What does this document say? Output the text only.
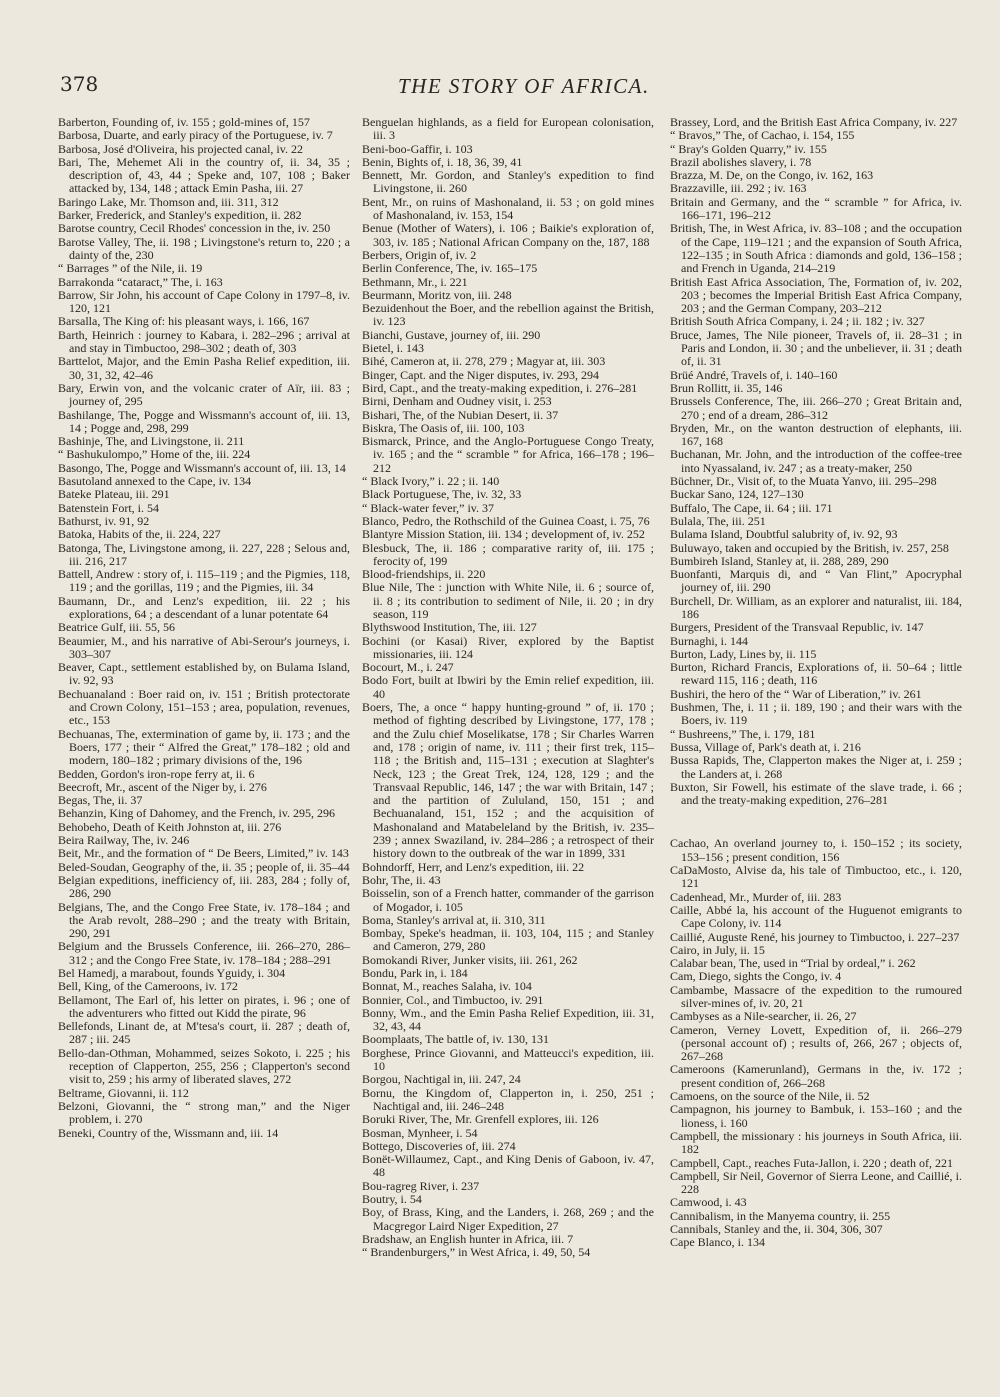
378	THE STORY OF AFRICA.

Barberton, Founding of, iv. 155 ; gold-mines of, 157

Barbosa, Duarte, and early piracy of the Portuguese, iv. 7

Barbosa, José d'Oliveira, his projected canal, iv. 22

Bari, The, Mehemet Ali in the country of, ii. 34, 35 ; description of, 43, 44 ; Speke and, 107, 108 ; Baker attacked by, 134, 148 ; attack Emin Pasha, iii. 27

Baringo Lake, Mr. Thomson and, iii. 311, 312

Barker, Frederick, and Stanley's expedition, ii. 282

Barotse country, Cecil Rhodes' concession in the, iv. 250

Barotse Valley, The, ii. 198 ; Livingstone's return to, 220 ; a dainty of the, 230

“ Barrages ” of the Nile, ii. 19

Barrakonda “cataract,” The, i. 163

Barrow, Sir John, his account of Cape Colony in 1797–8, iv. 120, 121

Barsalla, The King of: his pleasant ways, i. 166, 167

Barth, Heinrich : journey to Kabara, i. 282–296 ; arrival at and stay in Timbuctoo, 298–302 ; death of, 303

Barttelot, Major, and the Emin Pasha Relief expedition, iii. 30, 31, 32, 42–46

Bary, Erwin von, and the volcanic crater of Aïr, iii. 83 ; journey of, 295

Bashilange, The, Pogge and Wissmann's account of, iii. 13, 14 ; Pogge and, 298, 299

Bashinje, The, and Livingstone, ii. 211

“ Bashukulompo,” Home of the, iii. 224

Basongo, The, Pogge and Wissmann's account of, iii. 13, 14

Basutoland annexed to the Cape, iv. 134

Bateke Plateau, iii. 291

Batenstein Fort, i. 54

Bathurst, iv. 91, 92

Batoka, Habits of the, ii. 224, 227

Batonga, The, Livingstone among, ii. 227, 228 ; Selous and, iii. 216, 217

Battell, Andrew : story of, i. 115–119 ; and the Pigmies, 118, 119 ; and the gorillas, 119 ; and the Pigmies, iii. 34

Baumann, Dr., and Lenz's expedition, iii. 22 ; his explorations, 64 ; a descendant of a lunar potentate 64

Beatrice Gulf, iii. 55, 56

Beaumier, M., and his narrative of Abi-Serour's journeys, i. 303–307

Beaver, Capt., settlement established by, on Bulama Island, iv. 92, 93

Bechuanaland : Boer raid on, iv. 151 ; British protectorate and Crown Colony, 151–153 ; area, population, revenues, etc., 153

Bechuanas, The, extermination of game by, ii. 173 ; and the Boers, 177 ; their “ Alfred the Great,” 178–182 ; old and modern, 180–182 ; primary divisions of the, 196

Bedden, Gordon's iron-rope ferry at, ii. 6

Beecroft, Mr., ascent of the Niger by, i. 276

Begas, The, ii. 37

Behanzin, King of Dahomey, and the French, iv. 295, 296

Behobeho, Death of Keith Johnston at, iii. 276

Beira Railway, The, iv. 246

Beit, Mr., and the formation of “ De Beers, Limited,” iv. 143

Beled-Soudan, Geography of the, ii. 35 ; people of, ii. 35–44

Belgian expeditions, inefficiency of, iii. 283, 284 ; folly of, 286, 290

Belgians, The, and the Congo Free State, iv. 178–184 ; and the Arab revolt, 288–290 ; and the treaty with Britain, 290, 291

Belgium and the Brussels Conference, iii. 266–270, 286–312 ; and the Congo Free State, iv. 178–184 ; 288–291

Bel Hamedj, a marabout, founds Yguidy, i. 304

Bell, King, of the Cameroons, iv. 172

Bellamont, The Earl of, his letter on pirates, i. 96 ; one of the adventurers who fitted out Kidd the pirate, 96

Bellefonds, Linant de, at M'tesa's court, ii. 287 ; death of, 287 ; iii. 245

Bello-dan-Othman, Mohammed, seizes Sokoto, i. 225 ; his reception of Clapperton, 255, 256 ; Clapperton's second visit to, 259 ; his army of liberated slaves, 272

Beltrame, Giovanni, ii. 112

Belzoni, Giovanni, the “ strong man,” and the Niger problem, i. 270

Beneki, Country of the, Wissmann and, iii. 14

Benguelan highlands, as a field for European colonisation, iii. 3

Beni-boo-Gaffir, i. 103

Benin, Bights of, i. 18, 36, 39, 41

Bennett, Mr. Gordon, and Stanley's expedition to find Livingstone, ii. 260

Bent, Mr., on ruins of Mashonaland, ii. 53 ; on gold mines of Mashonaland, iv. 153, 154

Benue (Mother of Waters), i. 106 ; Baikie's exploration of, 303, iv. 185 ; National African Company on the, 187, 188

Berbers, Origin of, iv. 2

Berlin Conference, The, iv. 165–175

Bethmann, Mr., i. 221

Beurmann, Moritz von, iii. 248

Bezuidenhout the Boer, and the rebellion against the British, iv. 123

Bianchi, Gustave, journey of, iii. 290

Bietel, i. 143

Bihé, Cameron at, ii. 278, 279 ; Magyar at, iii. 303

Binger, Capt. and the Niger disputes, iv. 293, 294

Bird, Capt., and the treaty-making expedition, i. 276–281

Birni, Denham and Oudney visit, i. 253

Bishari, The, of the Nubian Desert, ii. 37

Biskra, The Oasis of, iii. 100, 103

Bismarck, Prince, and the Anglo-Portuguese Congo Treaty, iv. 165 ; and the “ scramble ” for Africa, 166–178 ; 196–212

“ Black Ivory,” i. 22 ; ii. 140

Black Portuguese, The, iv. 32, 33

“ Black-water fever,” iv. 37

Blanco, Pedro, the Rothschild of the Guinea Coast, i. 75, 76

Blantyre Mission Station, iii. 134 ; development of, iv. 252

Blesbuck, The, ii. 186 ; comparative rarity of, iii. 175 ; ferocity of, 199

Blood-friendships, ii. 220

Blue Nile, The : junction with White Nile, ii. 6 ; source of, ii. 8 ; its contribution to sediment of Nile, ii. 20 ; in dry season, 119

Blythswood Institution, The, iii. 127

Bochini (or Kasai) River, explored by the Baptist missionaries, iii. 124

Bocourt, M., i. 247

Bodo Fort, built at Ibwiri by the Emin relief expedition, iii. 40

Boers, The, a once “ happy hunting-ground ” of, ii. 170 ; method of fighting described by Livingstone, 177, 178 ; and the Zulu chief Moselikatse, 178 ; Sir Charles Warren and, 178 ; origin of name, iv. 111 ; their first trek, 115–118 ; the British and, 115–131 ; execution at Slaghter's Neck, 123 ; the Great Trek, 124, 128, 129 ; and the Transvaal Republic, 146, 147 ; the war with Britain, 147 ; and the partition of Zululand, 150, 151 ; and Bechuanaland, 151, 152 ; and the acquisition of Mashonaland and Matabeleland by the British, iv. 235–239 ; annex Swaziland, iv. 284–286 ; a retrospect of their history down to the outbreak of the war in 1899, 331

Bohndorff, Herr, and Lenz's expedition, iii. 22

Bohr, The, ii. 43

Boisselin, son of a French hatter, commander of the garrison of Mogador, i. 105

Boma, Stanley's arrival at, ii. 310, 311

Bombay, Speke's headman, ii. 103, 104, 115 ; and Stanley and Cameron, 279, 280

Bomokandi River, Junker visits, iii. 261, 262

Bondu, Park in, i. 184

Bonnat, M., reaches Salaha, iv. 104

Bonnier, Col., and Timbuctoo, iv. 291

Bonny, Wm., and the Emin Pasha Relief Expedition, iii. 31, 32, 43, 44

Boomplaats, The battle of, iv. 130, 131

Borghese, Prince Giovanni, and Matteucci's expedition, iii. 10

Borgou, Nachtigal in, iii. 247, 24

Bornu, the Kingdom of, Clapperton in, i. 250, 251 ; Nachtigal and, iii. 246–248

Boruki River, The, Mr. Grenfell explores, iii. 126

Bosman, Mynheer, i. 54

Bottego, Discoveries of, iii. 274

Bonët-Willaumez, Capt., and King Denis of Gaboon, iv. 47, 48

Bou-ragreg River, i. 237

Boutry, i. 54

Boy, of Brass, King, and the Landers, i. 268, 269 ; and the Macgregor Laird Niger Expedition, 27

Bradshaw, an English hunter in Africa, iii. 7

“ Brandenburgers,” in West Africa, i. 49, 50, 54

Brassey, Lord, and the British East Africa Company, iv. 227

“ Bravos,” The, of Cachao, i. 154, 155

“ Bray's Golden Quarry,” iv. 155

Brazil abolishes slavery, i. 78

Brazza, M. De, on the Congo, iv. 162, 163

Brazzaville, iii. 292 ; iv. 163

Britain and Germany, and the “ scramble ” for Africa, iv. 166–171, 196–212

British, The, in West Africa, iv. 83–108 ; and the occupation of the Cape, 119–121 ; and the expansion of South Africa, 122–135 ; in South Africa : diamonds and gold, 136–158 ; and French in Uganda, 214–219

British East Africa Association, The, Formation of, iv. 202, 203 ; becomes the Imperial British East Africa Company, 203 ; and the German Company, 203–212

British South Africa Company, i. 24 ; ii. 182 ; iv. 327

Bruce, James, The Nile pioneer, Travels of, ii. 28–31 ; in Paris and London, ii. 30 ; and the unbeliever, ii. 31 ; death of, ii. 31

Brüé André, Travels of, i. 140–160

Brun Rollitt, ii. 35, 146

Brussels Conference, The, iii. 266–270 ; Great Britain and, 270 ; end of a dream, 286–312

Bryden, Mr., on the wanton destruction of elephants, iii. 167, 168

Buchanan, Mr. John, and the introduction of the coffee-tree into Nyassaland, iv. 247 ; as a treaty-maker, 250

Büchner, Dr., Visit of, to the Muata Yanvo, iii. 295–298

Buckar Sano, 124, 127–130

Buffalo, The Cape, ii. 64 ; iii. 171

Bulala, The, iii. 251

Bulama Island, Doubtful salubrity of, iv. 92, 93

Buluwayo, taken and occupied by the British, iv. 257, 258

Bumbireh Island, Stanley at, ii. 288, 289, 290

Buonfanti, Marquis di, and “ Van Flint,” Apocryphal journey of, iii. 290

Burchell, Dr. William, as an explorer and naturalist, iii. 184, 186

Burgers, President of the Transvaal Republic, iv. 147

Burnaghi, i. 144

Burton, Lady, Lines by, ii. 115

Burton, Richard Francis, Explorations of, ii. 50–64 ; little reward 115, 116 ; death, 116

Bushiri, the hero of the “ War of Liberation,” iv. 261

Bushmen, The, i. 11 ; ii. 189, 190 ; and their wars with the Boers, iv. 119

“ Bushreens,” The, i. 179, 181

Bussa, Village of, Park's death at, i. 216

Bussa Rapids, The, Clapperton makes the Niger at, i. 259 ; the Landers at, i. 268

Buxton, Sir Fowell, his estimate of the slave trade, i. 66 ; and the treaty-making expedition, 276–281

Cachao, An overland journey to, i. 150–152 ; its society, 153–156 ; present condition, 156

CaDaMosto, Alvise da, his tale of Timbuctoo, etc., i. 120, 121

Cadenhead, Mr., Murder of, iii. 283

Caille, Abbé la, his account of the Huguenot emigrants to Cape Colony, iv. 114

Caillié, Auguste René, his journey to Timbuctoo, i. 227–237

Cairo, in July, ii. 15

Calabar bean, The, used in “Trial by ordeal,” i. 262

Cam, Diego, sights the Congo, iv. 4

Cambambe, Massacre of the expedition to the rumoured silver-mines of, iv. 20, 21

Cambyses as a Nile-searcher, ii. 26, 27

Cameron, Verney Lovett, Expedition of, ii. 266–279 (personal account of) ; results of, 266, 267 ; objects of, 267–268

Cameroons (Kamerunland), Germans in the, iv. 172 ; present condition of, 266–268

Camoens, on the source of the Nile, ii. 52

Campagnon, his journey to Bambuk, i. 153–160 ; and the lioness, i. 160

Campbell, the missionary : his journeys in South Africa, iii. 182

Campbell, Capt., reaches Futa-Jallon, i. 220 ; death of, 221

Campbell, Sir Neil, Governor of Sierra Leone, and Caillié, i. 228

Camwood, i. 43

Cannibalism, in the Manyema country, ii. 255

Cannibals, Stanley and the, ii. 304, 306, 307

Cape Blanco, i. 134
